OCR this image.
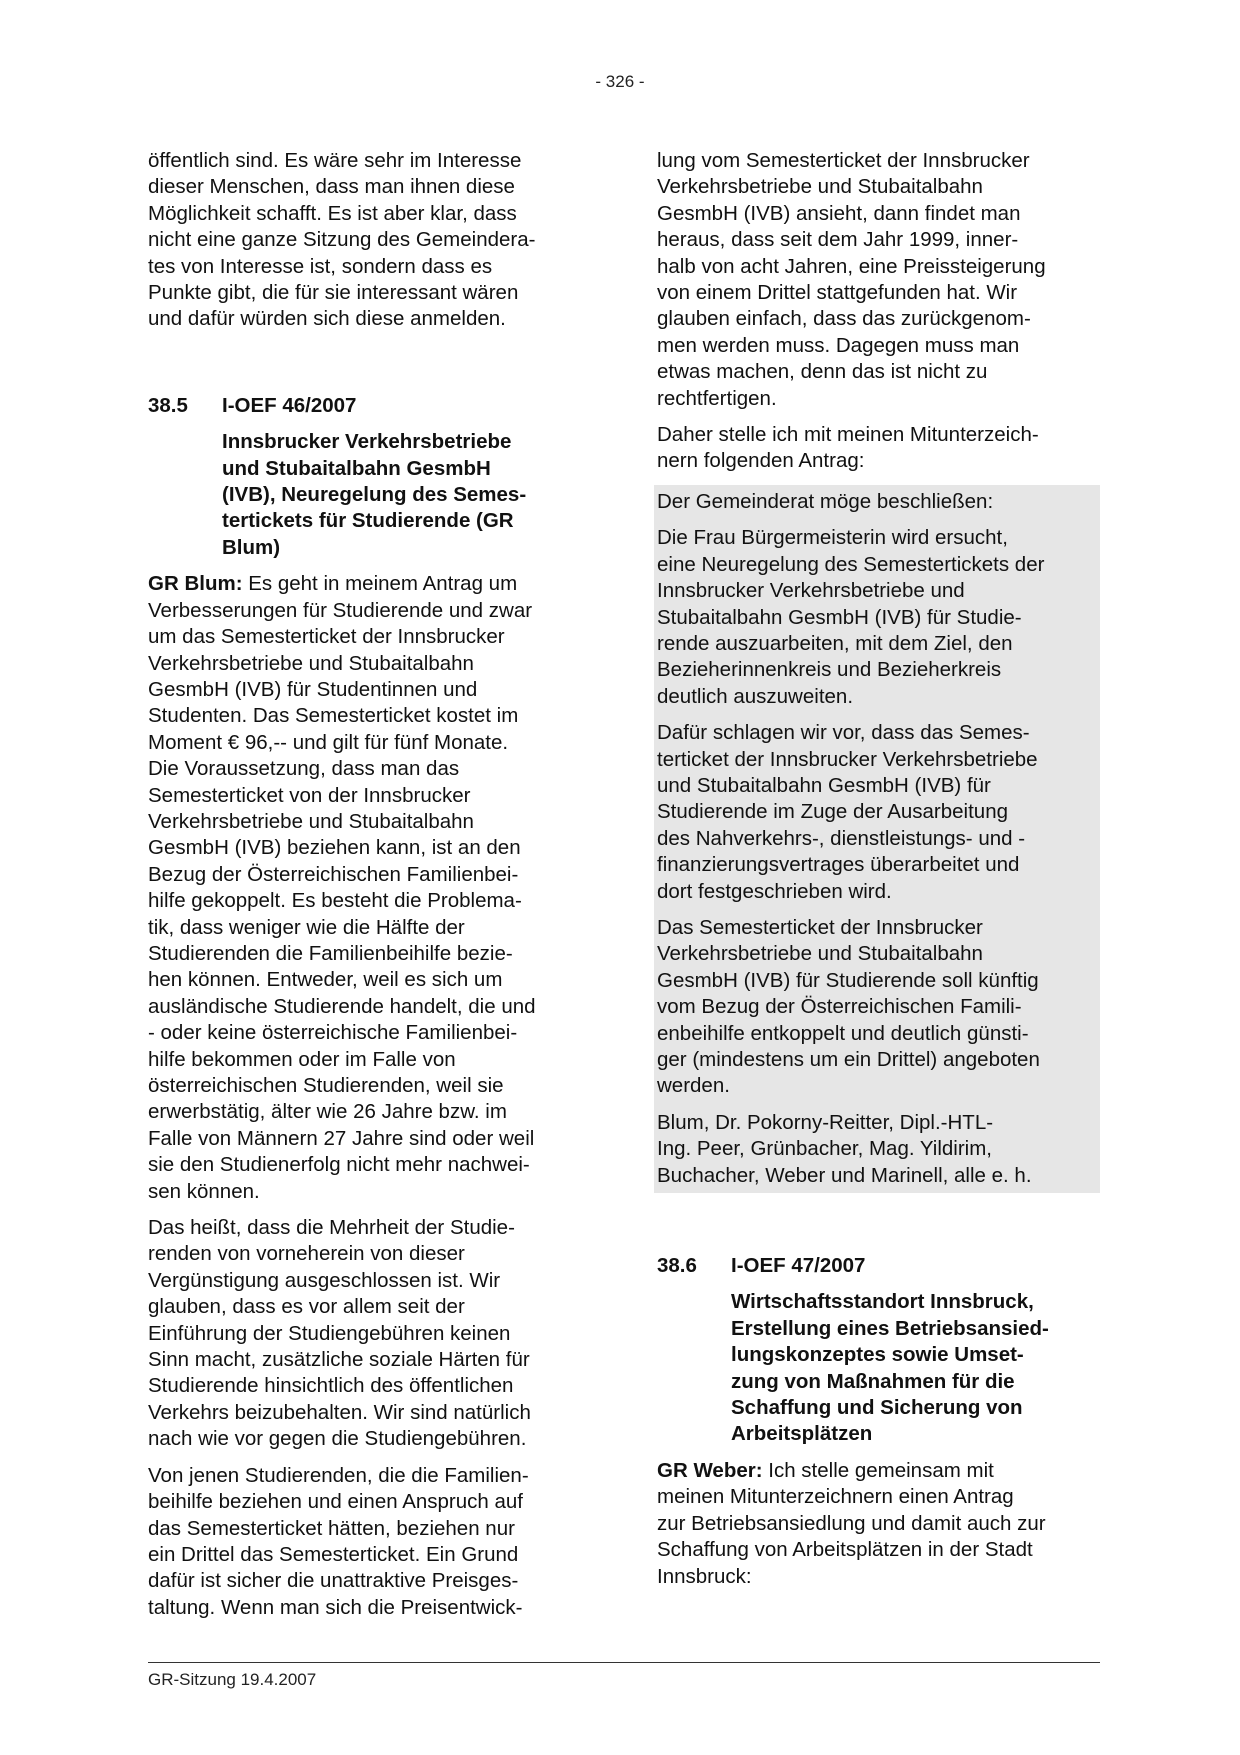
- 326 -

öffentlich sind. Es wäre sehr im Interesse
dieser Menschen, dass man ihnen diese
Möglichkeit schafft. Es ist aber klar, dass
nicht eine ganze Sitzung des Gemeindera-
tes von Interesse ist, sondern dass es
Punkte gibt, die für sie interessant wären
und dafür würden sich diese anmelden.

38.5	I-OEF 46/2007
Innsbrucker Verkehrsbetriebe
und Stubaitalbahn GesmbH
(IVB), Neuregelung des Semes-
tertickets für Studierende (GR
Blum)

GR Blum: Es geht in meinem Antrag um
Verbesserungen für Studierende und zwar
um das Semesterticket der Innsbrucker
Verkehrsbetriebe und Stubaitalbahn
GesmbH (IVB) für Studentinnen und
Studenten. Das Semesterticket kostet im
Moment € 96,-- und gilt für fünf Monate.
Die Voraussetzung, dass man das
Semesterticket von der Innsbrucker
Verkehrsbetriebe und Stubaitalbahn
GesmbH (IVB) beziehen kann, ist an den
Bezug der Österreichischen Familienbei-
hilfe gekoppelt. Es besteht die Problema-
tik, dass weniger wie die Hälfte der
Studierenden die Familienbeihilfe bezie-
hen können. Entweder, weil es sich um
ausländische Studierende handelt, die und
- oder keine österreichische Familienbei-
hilfe bekommen oder im Falle von
österreichischen Studierenden, weil sie
erwerbstätig, älter wie 26 Jahre bzw. im
Falle von Männern 27 Jahre sind oder weil
sie den Studienerfolg nicht mehr nachwei-
sen können.

Das heißt, dass die Mehrheit der Studie-
renden von vorneherein von dieser
Vergünstigung ausgeschlossen ist. Wir
glauben, dass es vor allem seit der
Einführung der Studiengebühren keinen
Sinn macht, zusätzliche soziale Härten für
Studierende hinsichtlich des öffentlichen
Verkehrs beizubehalten. Wir sind natürlich
nach wie vor gegen die Studiengebühren.

Von jenen Studierenden, die die Familien-
beihilfe beziehen und einen Anspruch auf
das Semesterticket hätten, beziehen nur
ein Drittel das Semesterticket. Ein Grund
dafür ist sicher die unattraktive Preisges-
taltung. Wenn man sich die Preisentwick-

lung vom Semesterticket der Innsbrucker
Verkehrsbetriebe und Stubaitalbahn
GesmbH (IVB) ansieht, dann findet man
heraus, dass seit dem Jahr 1999, inner-
halb von acht Jahren, eine Preissteigerung
von einem Drittel stattgefunden hat. Wir
glauben einfach, dass das zurückgenom-
men werden muss. Dagegen muss man
etwas machen, denn das ist nicht zu
rechtfertigen.

Daher stelle ich mit meinen Mitunterzeich-
nern folgenden Antrag:

Der Gemeinderat möge beschließen:

Die Frau Bürgermeisterin wird ersucht,
eine Neuregelung des Semestertickets der
Innsbrucker Verkehrsbetriebe und
Stubaitalbahn GesmbH (IVB) für Studie-
rende auszuarbeiten, mit dem Ziel, den
Bezieherinnenkreis und Bezieherkreis
deutlich auszuweiten.

Dafür schlagen wir vor, dass das Semes-
terticket der Innsbrucker Verkehrsbetriebe
und Stubaitalbahn GesmbH (IVB) für
Studierende im Zuge der Ausarbeitung
des Nahverkehrs-, dienstleistungs- und -
finanzierungsvertrages überarbeitet und
dort festgeschrieben wird.

Das Semesterticket der Innsbrucker
Verkehrsbetriebe und Stubaitalbahn
GesmbH (IVB) für Studierende soll künftig
vom Bezug der Österreichischen Famili-
enbeihilfe entkoppelt und deutlich günsti-
ger (mindestens um ein Drittel) angeboten
werden.

Blum, Dr. Pokorny-Reitter, Dipl.-HTL-
Ing. Peer, Grünbacher, Mag. Yildirim,
Buchacher, Weber und Marinell, alle e. h.

38.6	I-OEF 47/2007
Wirtschaftsstandort Innsbruck,
Erstellung eines Betriebsansied-
lungskonzeptes sowie Umset-
zung von Maßnahmen für die
Schaffung und Sicherung von
Arbeitsplätzen

GR Weber: Ich stelle gemeinsam mit
meinen Mitunterzeichnern einen Antrag
zur Betriebsansiedlung und damit auch zur
Schaffung von Arbeitsplätzen in der Stadt
Innsbruck:

GR-Sitzung 19.4.2007
